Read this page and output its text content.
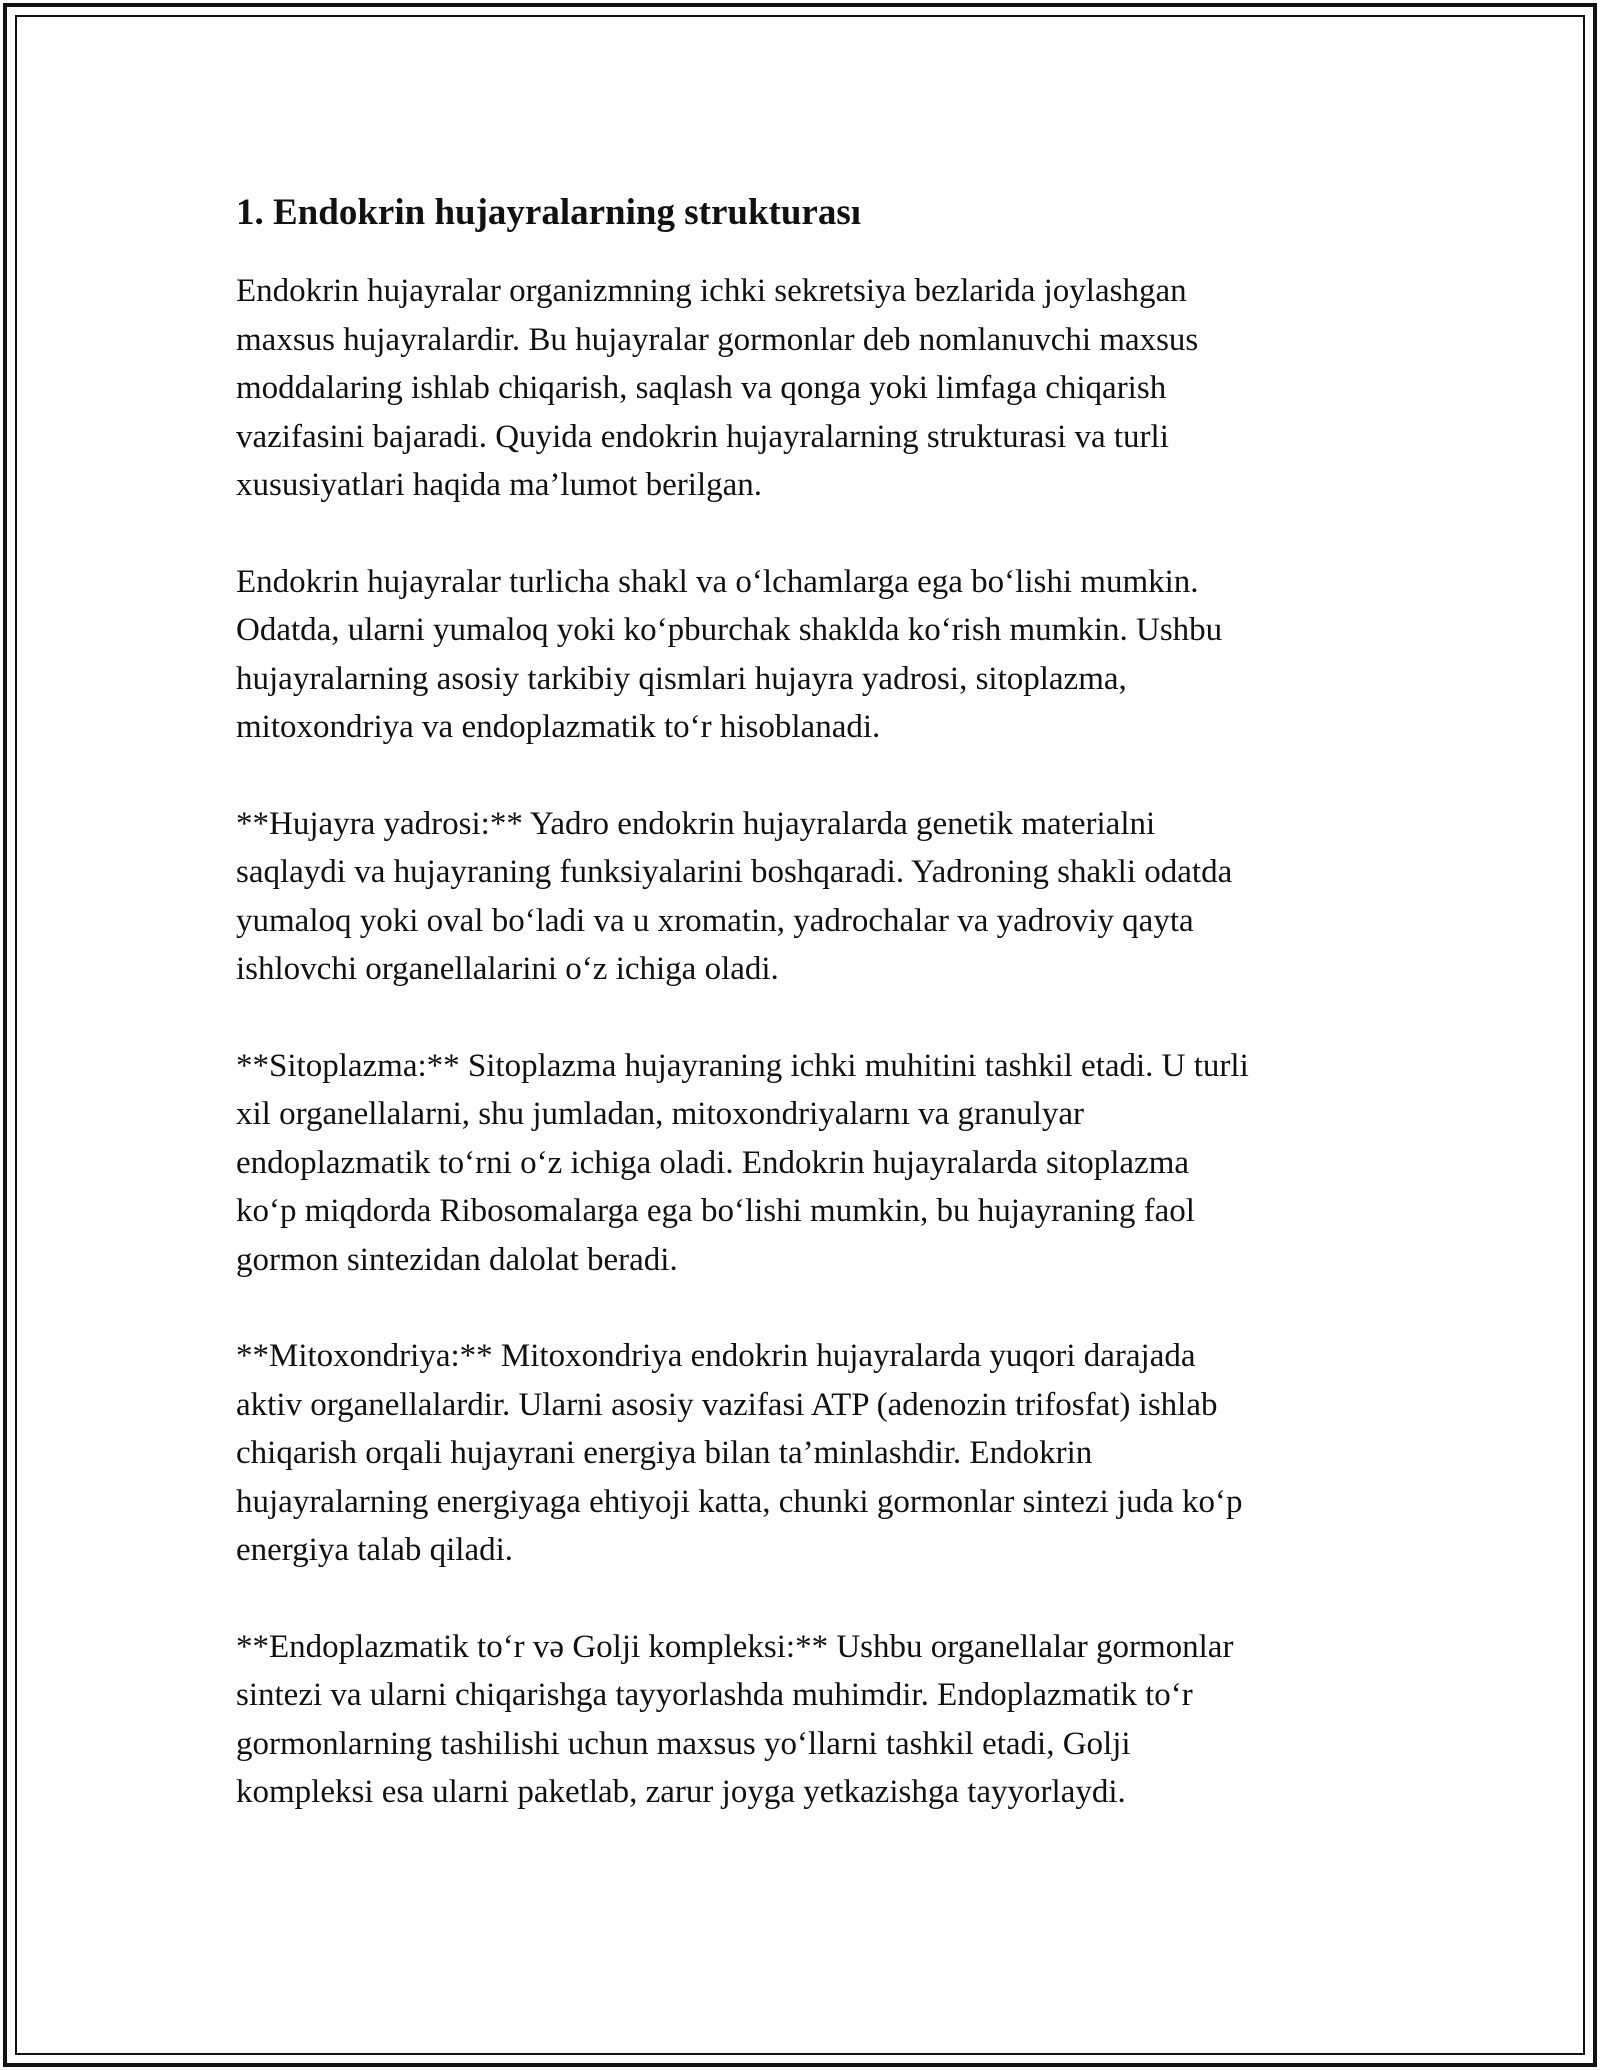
1. Endokrin hujayralarning strukturası

Endokrin hujayralar organizmning ichki sekretsiya bezlarida joylashgan
maxsus hujayralardir. Bu hujayralar gormonlar deb nomlanuvchi maxsus
moddalaring ishlab chiqarish, saqlash va qonga yoki limfaga chiqarish
vazifasini bajaradi. Quyida endokrin hujayralarning strukturasi va turli
xususiyatlari haqida ma’lumot berilgan.

Endokrin hujayralar turlicha shakl va oʻlchamlarga ega boʻlishi mumkin.
Odatda, ularni yumaloq yoki koʻpburchak shaklda koʻrish mumkin. Ushbu
hujayralarning asosiy tarkibiy qismlari hujayra yadrosi, sitoplazma,
mitoxondriya va endoplazmatik toʻr hisoblanadi.

**Hujayra yadrosi:** Yadro endokrin hujayralarda genetik materialni
saqlaydi va hujayraning funksiyalarini boshqaradi. Yadroning shakli odatda
yumaloq yoki oval boʻladi va u xromatin, yadrochalar va yadroviy qayta
ishlovchi organellalarini oʻz ichiga oladi.

**Sitoplazma:** Sitoplazma hujayraning ichki muhitini tashkil etadi. U turli
xil organellalarni, shu jumladan, mitoxondriyalarnı va granulyar
endoplazmatik toʻrni oʻz ichiga oladi. Endokrin hujayralarda sitoplazma
koʻp miqdorda Ribosomalarga ega boʻlishi mumkin, bu hujayraning faol
gormon sintezidan dalolat beradi.

**Mitoxondriya:** Mitoxondriya endokrin hujayralarda yuqori darajada
aktiv organellalardir. Ularni asosiy vazifasi ATP (adenozin trifosfat) ishlab
chiqarish orqali hujayrani energiya bilan ta’minlashdir. Endokrin
hujayralarning energiyaga ehtiyoji katta, chunki gormonlar sintezi juda koʻp
energiya talab qiladi.

**Endoplazmatik toʻr və Golji kompleksi:** Ushbu organellalar gormonlar
sintezi va ularni chiqarishga tayyorlashda muhimdir. Endoplazmatik toʻr
gormonlarning tashilishi uchun maxsus yoʻllarni tashkil etadi, Golji
kompleksi esa ularni paketlab, zarur joyga yetkazishga tayyorlaydi.
